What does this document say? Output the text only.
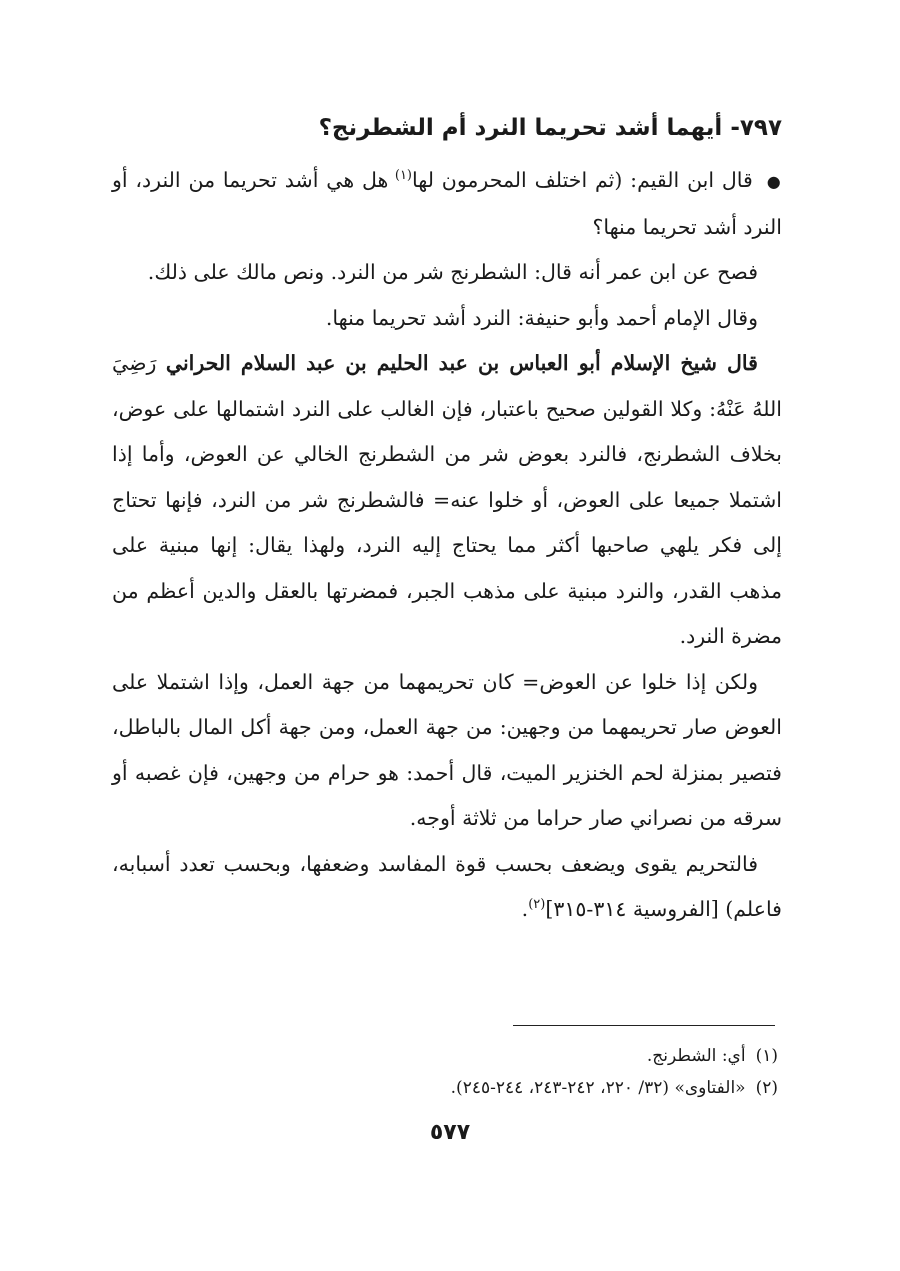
٧٩٧- أيهما أشد تحريما النرد أم الشطرنج؟

● قال ابن القيم: (ثم اختلف المحرمون لها$^{(١)}$ هل هي أشد تحريما من النرد، أو النرد أشد تحريما منها؟

فصح عن ابن عمر أنه قال: الشطرنج شر من النرد. ونص مالك على ذلك.

وقال الإمام أحمد وأبو حنيفة: النرد أشد تحريما منها.

قال شيخ الإسلام أبو العباس بن عبد الحليم بن عبد السلام الحراني رَضِيَ اللهُ عَنْهُ: وكلا القولين صحيح باعتبار، فإن الغالب على النرد اشتمالها على عوض، بخلاف الشطرنج، فالنرد بعوض شر من الشطرنج الخالي عن العوض، وأما إذا اشتملا جميعا على العوض، أو خلوا عنه= فالشطرنج شر من النرد، فإنها تحتاج إلى فكر يلهي صاحبها أكثر مما يحتاج إليه النرد، ولهذا يقال: إنها مبنية على مذهب القدر، والنرد مبنية على مذهب الجبر، فمضرتها بالعقل والدين أعظم من مضرة النرد.

ولكن إذا خلوا عن العوض= كان تحريمهما من جهة العمل، وإذا اشتملا على العوض صار تحريمهما من وجهين: من جهة العمل، ومن جهة أكل المال بالباطل، فتصير بمنزلة لحم الخنزير الميت، قال أحمد: هو حرام من وجهين، فإن غصبه أو سرقه من نصراني صار حراما من ثلاثة أوجه.

فالتحريم يقوى ويضعف بحسب قوة المفاسد وضعفها، وبحسب تعدد أسبابه، فاعلم) [الفروسية ٣١٤-٣١٥]$^{(٢)}$.

(١)أي: الشطرنج.
(٢)«الفتاوى» (٣٢/ ٢٢٠، ٢٤٢-٢٤٣، ٢٤٤-٢٤٥).
٥٧٧
